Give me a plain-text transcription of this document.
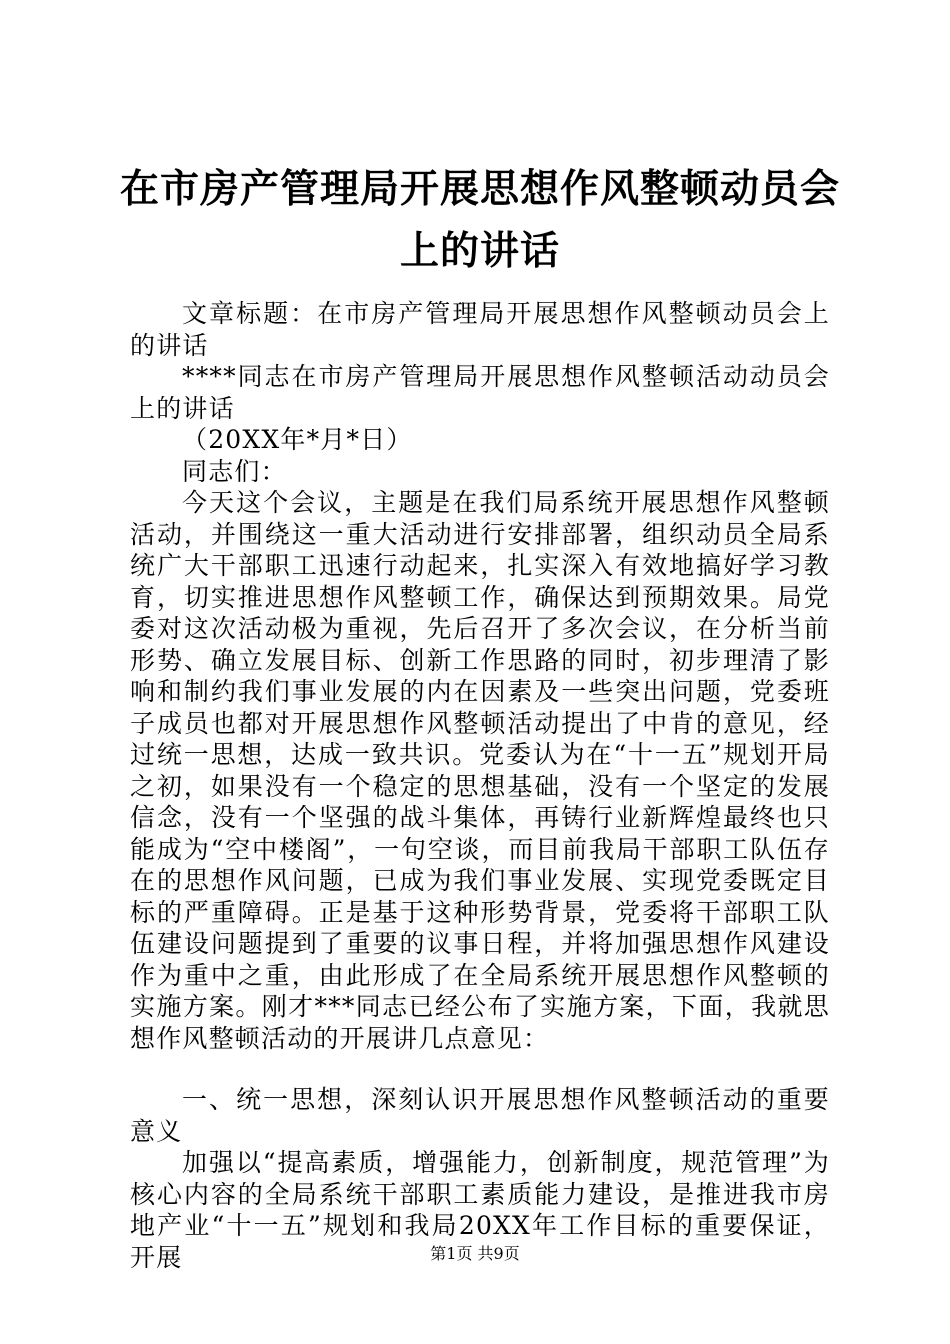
在市房产管理局开展思想作风整顿动员会上的讲话

文章标题：在市房产管理局开展思想作风整顿动员会上的讲话

****同志在市房产管理局开展思想作风整顿活动动员会上的讲话

（20XX年*月*日）

同志们：

今天这个会议，主题是在我们局系统开展思想作风整顿活动，并围绕这一重大活动进行安排部署，组织动员全局系统广大干部职工迅速行动起来，扎实深入有效地搞好学习教育，切实推进思想作风整顿工作，确保达到预期效果。局党委对这次活动极为重视，先后召开了多次会议，在分析当前形势、确立发展目标、创新工作思路的同时，初步理清了影响和制约我们事业发展的内在因素及一些突出问题，党委班子成员也都对开展思想作风整顿活动提出了中肯的意见，经过统一思想，达成一致共识。党委认为在“十一五”规划开局之初，如果没有一个稳定的思想基础，没有一个坚定的发展信念，没有一个坚强的战斗集体，再铸行业新辉煌最终也只能成为“空中楼阁”，一句空谈，而目前我局干部职工队伍存在的思想作风问题，已成为我们事业发展、实现党委既定目标的严重障碍。正是基于这种形势背景，党委将干部职工队伍建设问题提到了重要的议事日程，并将加强思想作风建设作为重中之重，由此形成了在全局系统开展思想作风整顿的实施方案。刚才***同志已经公布了实施方案，下面，我就思想作风整顿活动的开展讲几点意见：

一、统一思想，深刻认识开展思想作风整顿活动的重要意义

加强以“提高素质，增强能力，创新制度，规范管理”为核心内容的全局系统干部职工素质能力建设，是推进我市房地产业“十一五”规划和我局20XX年工作目标的重要保证，开展	第1页 共9页
